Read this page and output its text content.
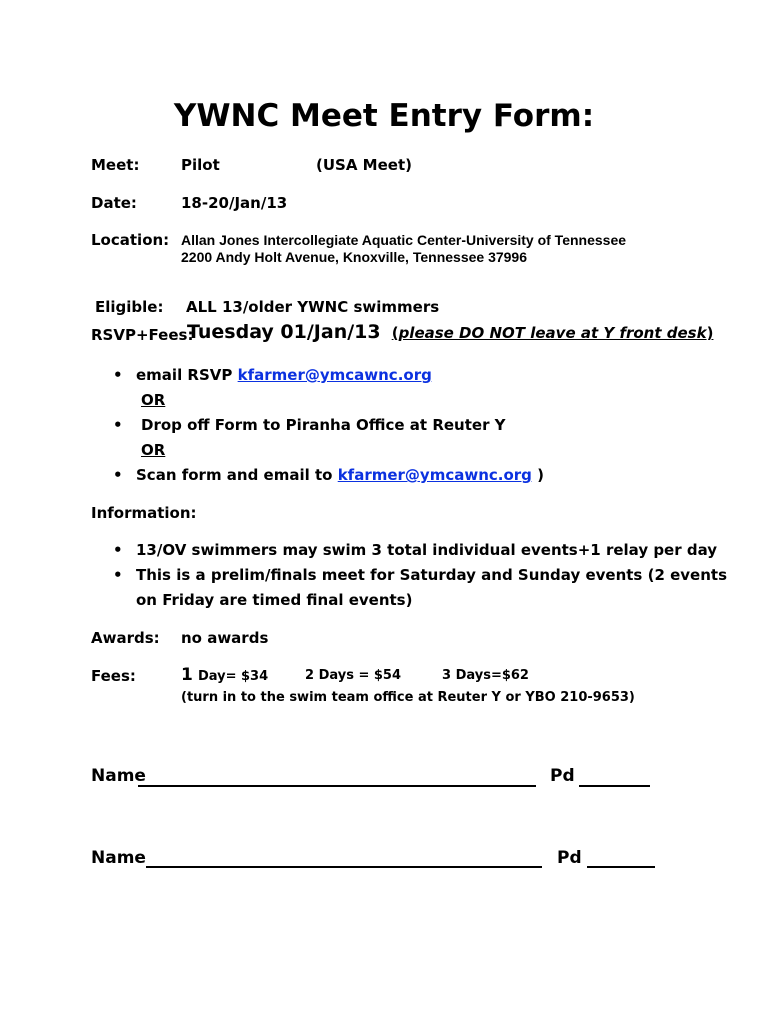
YWNC Meet Entry Form:
Meet:	Pilot	(USA Meet)
Date:	18-20/Jan/13
Location: Allan Jones Intercollegiate Aquatic Center-University of Tennessee
2200 Andy Holt Avenue, Knoxville, Tennessee 37996
Eligible: ALL 13/older YWNC swimmers
RSVP+Fees:
Tuesday 01/Jan/13 (please DO NOT leave at Y front desk)
• email RSVP kfarmer@ymcawnc.org
OR
• Drop off Form to Piranha Office at Reuter Y
OR
• Scan form and email to kfarmer@ymcawnc.org )
Information:
• 13/OV swimmers may swim 3 total individual events+1 relay per day
• This is a prelim/finals meet for Saturday and Sunday events (2 events
on Friday are timed final events)
Awards: no awards
Fees:	1 Day= $34	2 Days = $54	3 Days=$62
(turn in to the swim team office at Reuter Y or YBO 210-9653)
Name	Pd
Name	Pd
